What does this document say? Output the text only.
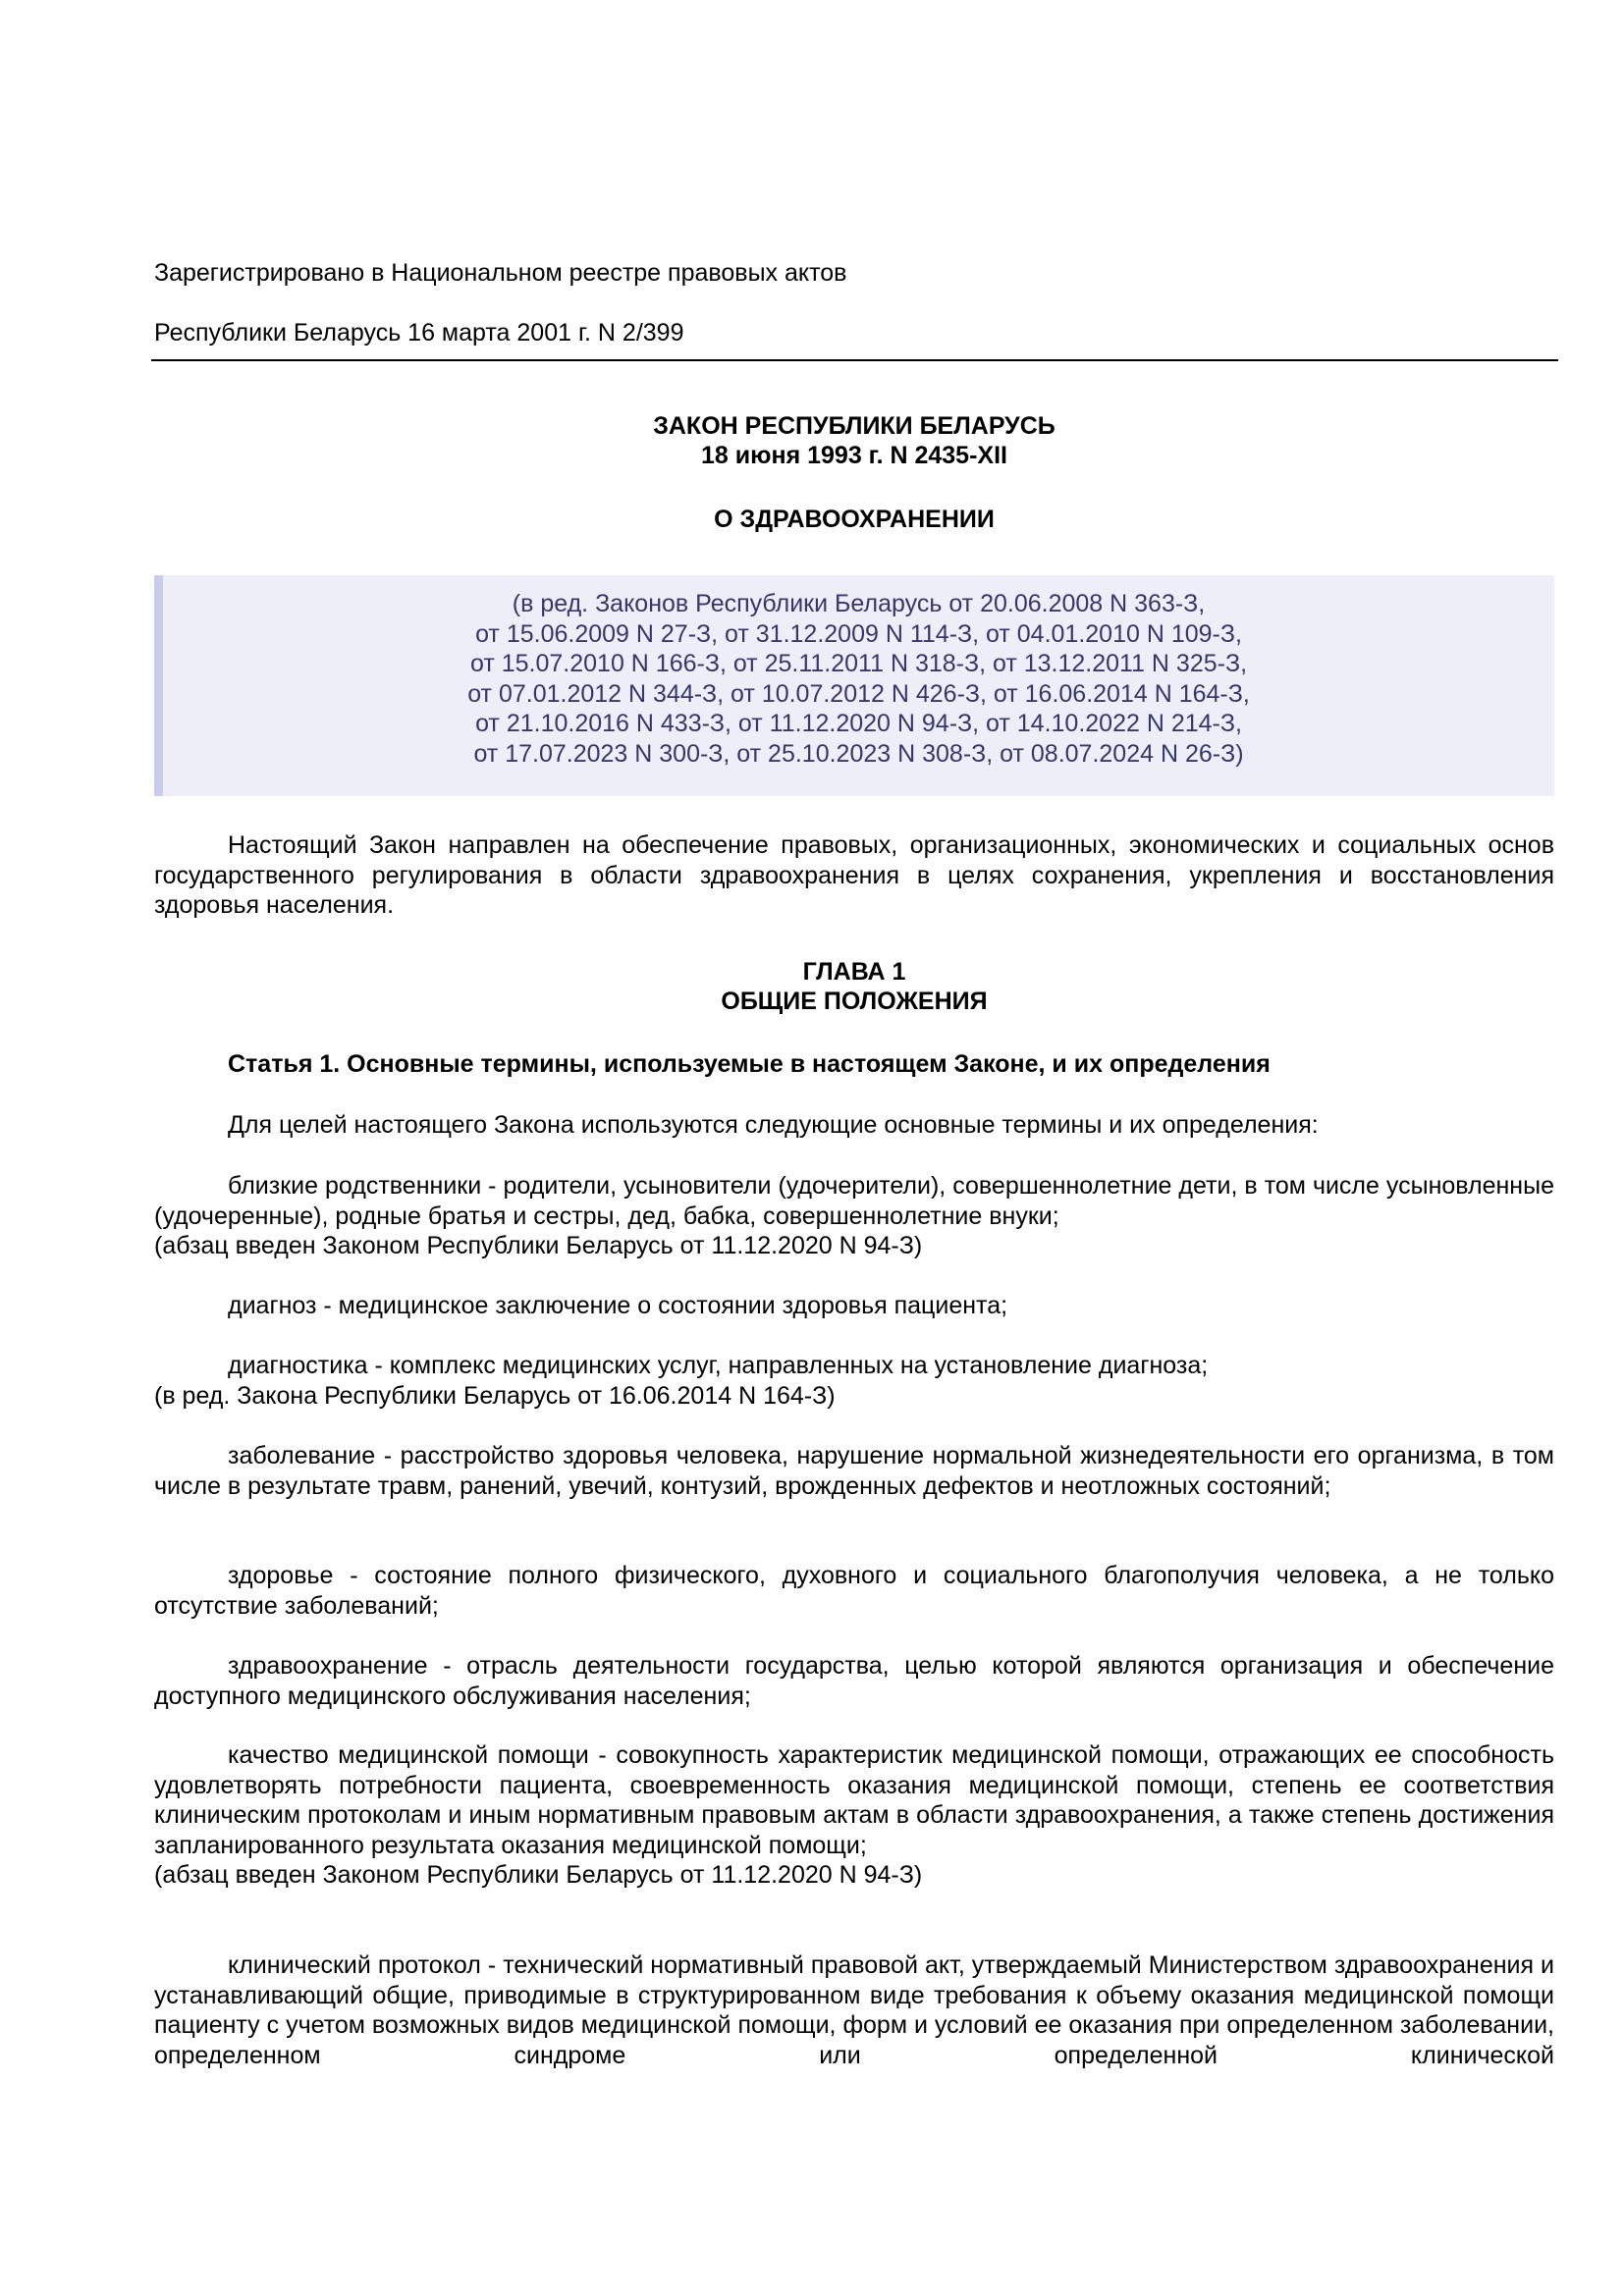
Зарегистрировано в Национальном реестре правовых актов
Республики Беларусь 16 марта 2001 г. N 2/399
ЗАКОН РЕСПУБЛИКИ БЕЛАРУСЬ
18 июня 1993 г. N 2435-XII
О ЗДРАВООХРАНЕНИИ
(в ред. Законов Республики Беларусь от 20.06.2008 N 363-З,
от 15.06.2009 N 27-З, от 31.12.2009 N 114-З, от 04.01.2010 N 109-З,
от 15.07.2010 N 166-З, от 25.11.2011 N 318-З, от 13.12.2011 N 325-З,
от 07.01.2012 N 344-З, от 10.07.2012 N 426-З, от 16.06.2014 N 164-З,
от 21.10.2016 N 433-З, от 11.12.2020 N 94-З, от 14.10.2022 N 214-З,
от 17.07.2023 N 300-З, от 25.10.2023 N 308-З, от 08.07.2024 N 26-З)
Настоящий Закон направлен на обеспечение правовых, организационных, экономических и социальных основ государственного регулирования в области здравоохранения в целях сохранения, укрепления и восстановления здоровья населения.
ГЛАВА 1
ОБЩИЕ ПОЛОЖЕНИЯ
Статья 1. Основные термины, используемые в настоящем Законе, и их определения
Для целей настоящего Закона используются следующие основные термины и их определения:
близкие родственники - родители, усыновители (удочерители), совершеннолетние дети, в том числе усыновленные (удочеренные), родные братья и сестры, дед, бабка, совершеннолетние внуки;
(абзац введен Законом Республики Беларусь от 11.12.2020 N 94-З)
диагноз - медицинское заключение о состоянии здоровья пациента;
диагностика - комплекс медицинских услуг, направленных на установление диагноза;
(в ред. Закона Республики Беларусь от 16.06.2014 N 164-З)
заболевание - расстройство здоровья человека, нарушение нормальной жизнедеятельности его организма, в том числе в результате травм, ранений, увечий, контузий, врожденных дефектов и неотложных состояний;
здоровье - состояние полного физического, духовного и социального благополучия человека, а не только отсутствие заболеваний;
здравоохранение - отрасль деятельности государства, целью которой являются организация и обеспечение доступного медицинского обслуживания населения;
качество медицинской помощи - совокупность характеристик медицинской помощи, отражающих ее способность удовлетворять потребности пациента, своевременность оказания медицинской помощи, степень ее соответствия клиническим протоколам и иным нормативным правовым актам в области здравоохранения, а также степень достижения запланированного результата оказания медицинской помощи;
(абзац введен Законом Республики Беларусь от 11.12.2020 N 94-З)
клинический протокол - технический нормативный правовой акт, утверждаемый Министерством здравоохранения и устанавливающий общие, приводимые в структурированном виде требования к объему оказания медицинской помощи пациенту с учетом возможных видов медицинской помощи, форм и условий ее оказания при определенном заболевании, определенном синдроме или определенной клинической
